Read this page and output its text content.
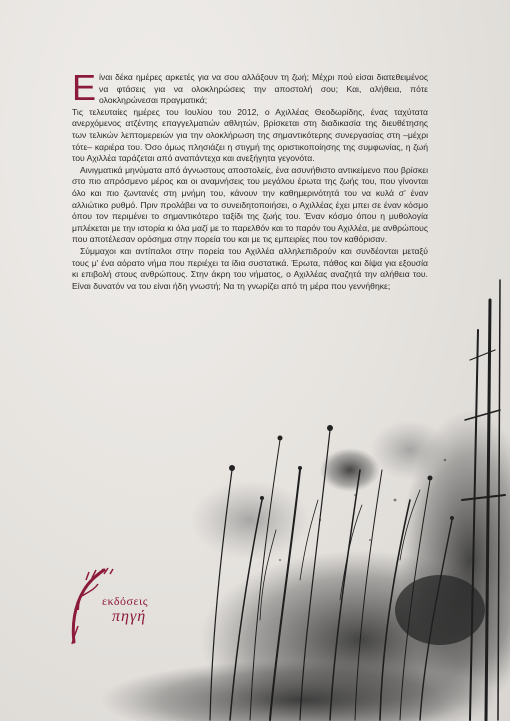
Είναι δέκα ημέρες αρκετές για να σου αλλάξουν τη ζωή; Μέχρι πού είσαι διατεθειμένος να φτάσεις για να ολοκληρώσεις την αποστολή σου; Και, αλήθεια, πότε ολοκληρώνεσαι πραγματικά;

Τις τελευταίες ημέρες του Ιουλίου του 2012, ο Αχιλλέας Θεοδωρίδης, ένας ταχύτατα ανερχόμενος ατζέντης επαγγελματιών αθλητών, βρίσκεται στη διαδικασία της διευθέτησης των τελικών λεπτομερειών για την ολοκλήρωση της σημαντικότερης συνεργασίας στη –μέχρι τότε– καριέρα του. Όσο όμως πλησιάζει η στιγμή της οριστικοποίησης της συμφωνίας, η ζωή του Αχιλλέα ταράζεται από αναπάντεχα και ανεξήγητα γεγονότα.

Αινιγματικά μηνύματα από άγνωστους αποστολείς, ένα ασυνήθιστο αντικείμενο που βρίσκει στο πιο απρόσμενο μέρος και οι αναμνήσεις του μεγάλου έρωτα της ζωής του, που γίνονται όλο και πιο ζωντανές στη μνήμη του, κάνουν την καθημερινότητά του να κυλά σ' έναν αλλιώτικο ρυθμό. Πριν προλάβει να το συνειδητοποιήσει, ο Αχιλλέας έχει μπει σε έναν κόσμο όπου τον περιμένει το σημαντικότερο ταξίδι της ζωής του. Έναν κόσμο όπου η μυθολογία μπλέκεται με την ιστορία κι όλα μαζί με το παρελθόν και το παρόν του Αχιλλέα, με ανθρώπους που αποτέλεσαν ορόσημα στην πορεία του και με τις εμπειρίες που τον καθόρισαν.

Σύμμαχοι και αντίπαλοι στην πορεία του Αχιλλέα αλληλεπιδρούν και συνδέονται μεταξύ τους μ' ένα αόρατο νήμα που περιέχει τα ίδια συστατικά. Έρωτα, πάθος και δίψα για εξουσία κι επιβολή στους ανθρώπους. Στην άκρη του νήματος, ο Αχιλλέας αναζητά την αλήθεια του. Είναι δυνατόν να του είναι ήδη γνωστή; Να τη γνωρίζει από τη μέρα που γεννήθηκε;

εκδόσεις
πηγή
